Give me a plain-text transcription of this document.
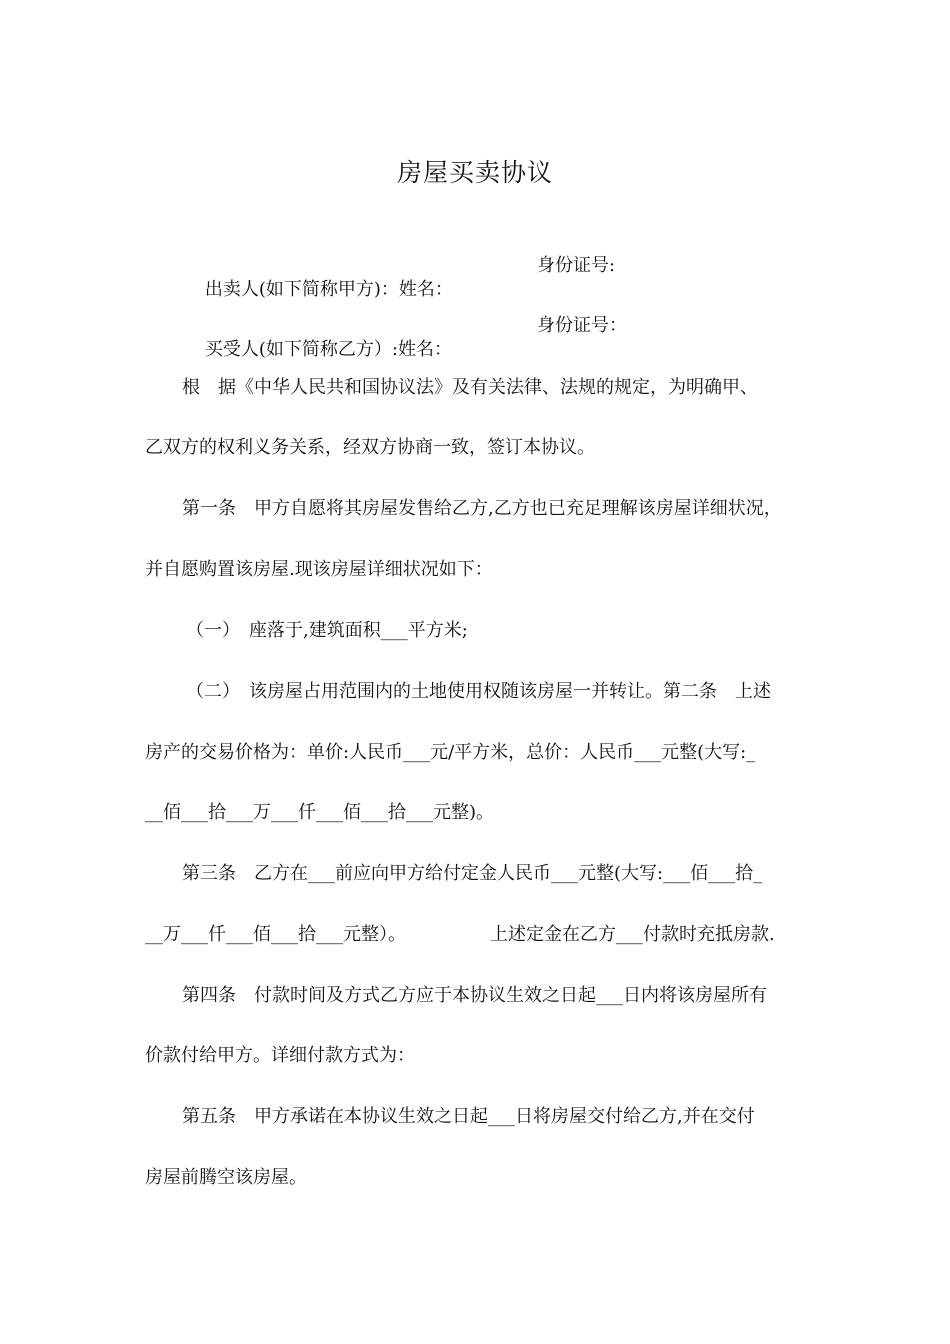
房屋买卖协议

出卖人(如下简称甲方)：姓名：

身份证号:

买受人(如下简称乙方）:姓名：

身份证号：
根　据《中华人民共和国协议法》及有关法律、法规的规定，为明确甲、
乙双方的权利义务关系，经双方协商一致，签订本协议。
第一条　甲方自愿将其房屋发售给乙方,乙方也已充足理解该房屋详细状况，
并自愿购置该房屋.现该房屋详细状况如下：
（一）　座落于,建筑面积___平方米;
（二）　该房屋占用范围内的土地使用权随该房屋一并转让。第二条　上述
房产的交易价格为：单价:人民币___元/平方米，总价：人民币___元整(大写:_
__佰___拾___万___仟___佰___拾___元整)。
第三条　乙方在___前应向甲方给付定金人民币___元整(大写:___佰___拾_
__万___仟___佰___拾___元整）。	上述定金在乙方___付款时充抵房款.
第四条　付款时间及方式乙方应于本协议生效之日起___日内将该房屋所有
价款付给甲方。详细付款方式为：
第五条　甲方承诺在本协议生效之日起___日将房屋交付给乙方,并在交付
房屋前腾空该房屋。
